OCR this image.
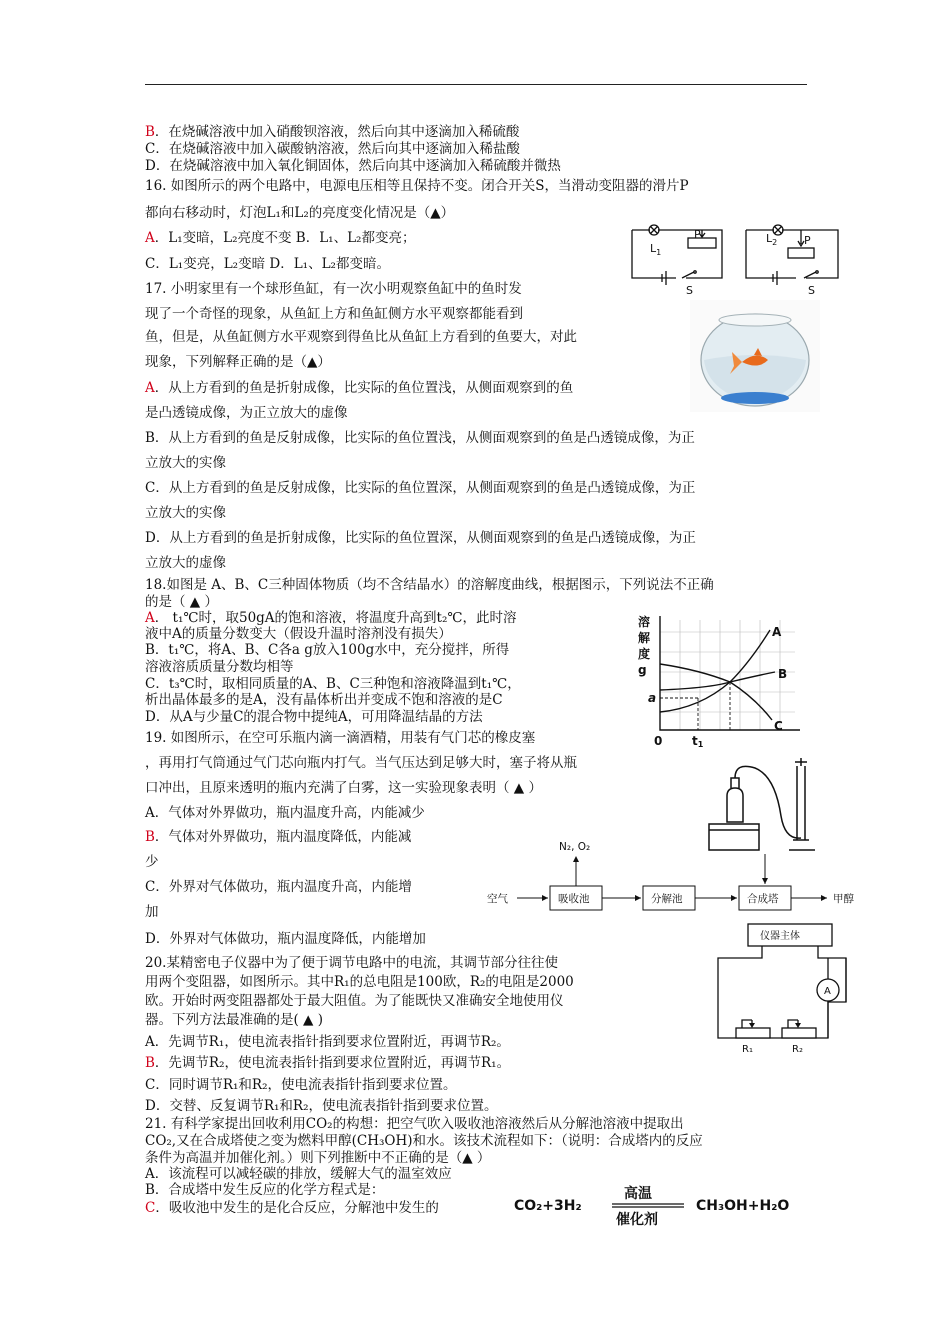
B．在烧碱溶液中加入硝酸钡溶液，然后向其中逐滴加入稀硫酸
C．在烧碱溶液中加入碳酸钠溶液，然后向其中逐滴加入稀盐酸
D．在烧碱溶液中加入氧化铜固体，然后向其中逐滴加入稀硫酸并微热
16. 如图所示的两个电路中，电源电压相等且保持不变。闭合开关S，当滑动变阻器的滑片P
都向右移动时，灯泡L₁和L₂的亮度变化情况是（▲）
A．L₁变暗，L₂亮度不变 B．L₁、L₂都变亮；
C．L₁变亮，L₂变暗 D．L₁、L₂都变暗。
17. 小明家里有一个球形鱼缸，有一次小明观察鱼缸中的鱼时发
现了一个奇怪的现象，从鱼缸上方和鱼缸侧方水平观察都能看到
鱼，但是，从鱼缸侧方水平观察到得鱼比从鱼缸上方看到的鱼要大，对此
现象，下列解释正确的是（▲）
A．从上方看到的鱼是折射成像，比实际的鱼位置浅，从侧面观察到的鱼
是凸透镜成像，为正立放大的虚像
B．从上方看到的鱼是反射成像，比实际的鱼位置浅，从侧面观察到的鱼是凸透镜成像，为正
立放大的实像
C．从上方看到的鱼是反射成像，比实际的鱼位置深，从侧面观察到的鱼是凸透镜成像，为正
立放大的实像
D．从上方看到的鱼是折射成像，比实际的鱼位置深，从侧面观察到的鱼是凸透镜成像，为正
立放大的虚像
18.如图是 A、B、C三种固体物质（均不含结晶水）的溶解度曲线，根据图示，下列说法不正确
的是（ ▲ ）
A． t₁℃时，取50gA的饱和溶液，将温度升高到t₂℃，此时溶
液中A的质量分数变大（假设升温时溶剂没有损失）
B．t₁℃，将A、B、C各a g放入100g水中，充分搅拌，所得
溶液溶质质量分数均相等
C．t₃℃时，取相同质量的A、B、C三种饱和溶液降温到t₁℃，
析出晶体最多的是A，没有晶体析出并变成不饱和溶液的是C
D．从A与少量C的混合物中提纯A，可用降温结晶的方法
19. 如图所示，在空可乐瓶内滴一滴酒精，用装有气门芯的橡皮塞
，再用打气筒通过气门芯向瓶内打气。当气压达到足够大时，塞子将从瓶
口冲出，且原来透明的瓶内充满了白雾，这一实验现象表明（ ▲ ）
A．气体对外界做功，瓶内温度升高，内能减少
B．气体对外界做功，瓶内温度降低，内能减
少
C．外界对气体做功，瓶内温度升高，内能增
加
D．外界对气体做功，瓶内温度降低，内能增加
20.某精密电子仪器中为了便于调节电路中的电流，其调节部分往往使
用两个变阻器，如图所示。其中R₁的总电阻是100欧，R₂的电阻是2000
欧。开始时两变阻器都处于最大阻值。为了能既快又准确安全地使用仪
器。下列方法最准确的是( ▲ )
A．先调节R₁，使电流表指针指到要求位置附近，再调节R₂。
B．先调节R₂，使电流表指针指到要求位置附近，再调节R₁。
C．同时调节R₁和R₂，使电流表指针指到要求位置。
D．交替、反复调节R₁和R₂，使电流表指针指到要求位置。
21. 有科学家提出回收利用CO₂的构想：把空气吹入吸收池溶液然后从分解池溶液中提取出
CO₂,又在合成塔使之变为燃料甲醇(CH₃OH)和水。该技术流程如下：（说明：合成塔内的反应
条件为高温并加催化剂。）则下列推断中不正确的是（▲ ）
A．该流程可以减轻碳的排放，缓解大气的温室效应
B．合成塔中发生反应的化学方程式是：
C．吸收池中发生的是化合反应，分解池中发生的
$L_1$
P
S
$L_2$ P
S
溶
解
度
g
a
0 t1
A
B
C
N₂, O₂
空气	吸收池	分解池	合成塔	甲醇
仪器主体
A
R₁	R₂
CO₂+3H₂
高温
催化剂
CH₃OH+H₂O
